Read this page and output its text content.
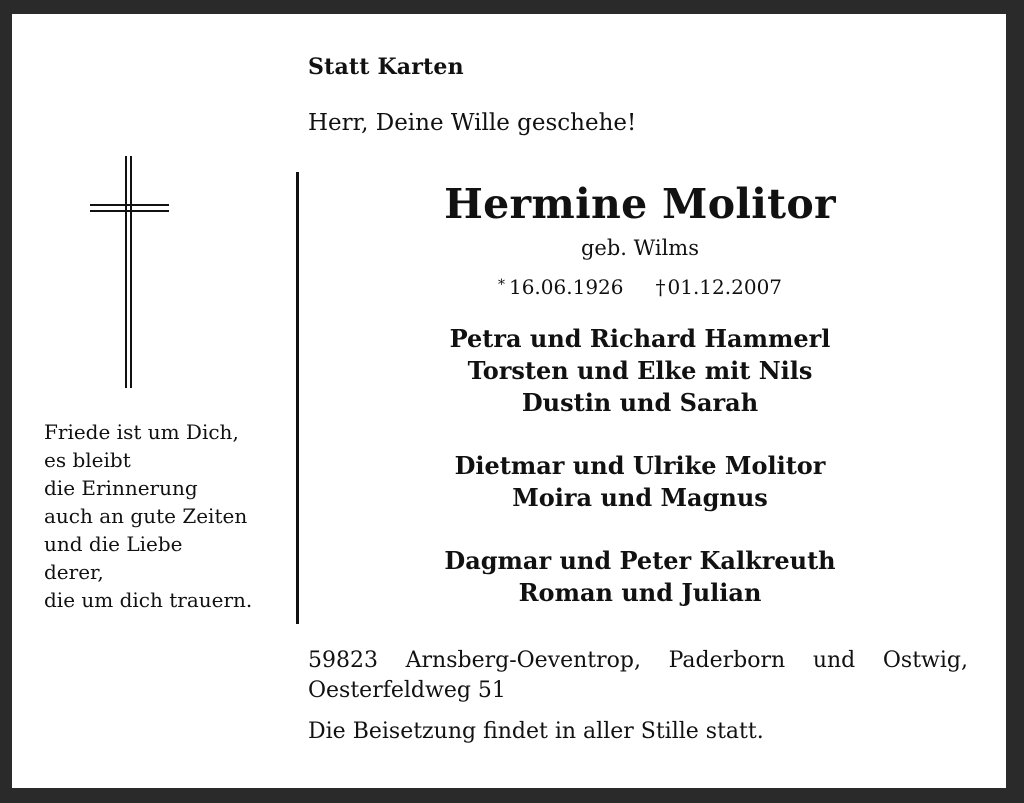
Statt Karten
Herr, Deine Wille geschehe!
Friede ist um Dich,
es bleibt
die Erinnerung
auch an gute Zeiten
und die Liebe
derer,
die um dich trauern.
Hermine Molitor
geb. Wilms
* 16.06.1926 † 01.12.2007
Petra und Richard Hammerl
Torsten und Elke mit Nils
Dustin und Sarah
Dietmar und Ulrike Molitor
Moira und Magnus
Dagmar und Peter Kalkreuth
Roman und Julian
59823 Arnsberg-Oeventrop, Paderborn und Ostwig,
Oesterfeldweg 51
Die Beisetzung findet in aller Stille statt.
